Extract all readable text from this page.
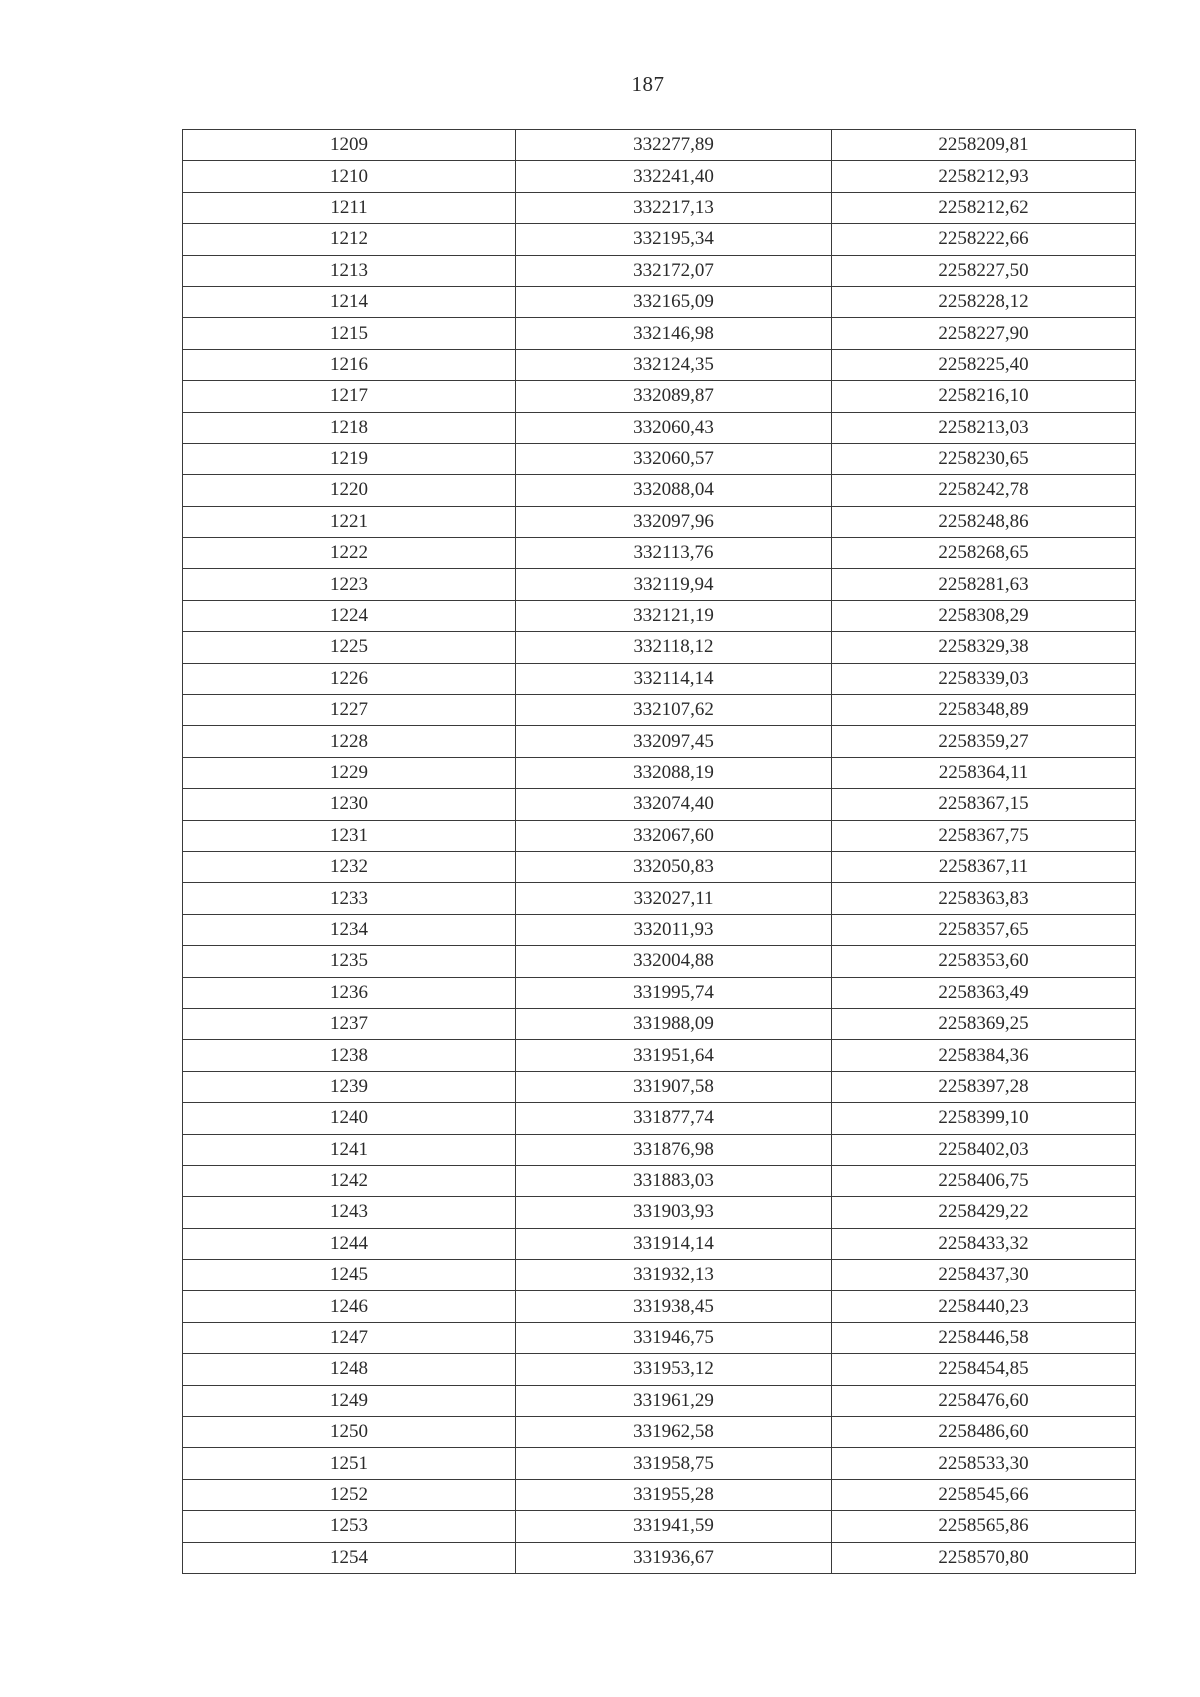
187
1209	332277,89	2258209,81
1210	332241,40	2258212,93
1211	332217,13	2258212,62
1212	332195,34	2258222,66
1213	332172,07	2258227,50
1214	332165,09	2258228,12
1215	332146,98	2258227,90
1216	332124,35	2258225,40
1217	332089,87	2258216,10
1218	332060,43	2258213,03
1219	332060,57	2258230,65
1220	332088,04	2258242,78
1221	332097,96	2258248,86
1222	332113,76	2258268,65
1223	332119,94	2258281,63
1224	332121,19	2258308,29
1225	332118,12	2258329,38
1226	332114,14	2258339,03
1227	332107,62	2258348,89
1228	332097,45	2258359,27
1229	332088,19	2258364,11
1230	332074,40	2258367,15
1231	332067,60	2258367,75
1232	332050,83	2258367,11
1233	332027,11	2258363,83
1234	332011,93	2258357,65
1235	332004,88	2258353,60
1236	331995,74	2258363,49
1237	331988,09	2258369,25
1238	331951,64	2258384,36
1239	331907,58	2258397,28
1240	331877,74	2258399,10
1241	331876,98	2258402,03
1242	331883,03	2258406,75
1243	331903,93	2258429,22
1244	331914,14	2258433,32
1245	331932,13	2258437,30
1246	331938,45	2258440,23
1247	331946,75	2258446,58
1248	331953,12	2258454,85
1249	331961,29	2258476,60
1250	331962,58	2258486,60
1251	331958,75	2258533,30
1252	331955,28	2258545,66
1253	331941,59	2258565,86
1254	331936,67	2258570,80
